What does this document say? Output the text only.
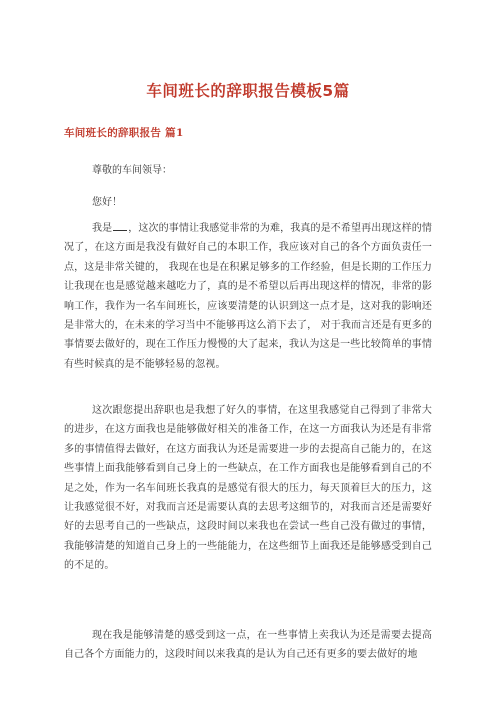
车间班长的辞职报告模板5篇
车间班长的辞职报告 篇1
尊敬的车间领导：
您好！
我是 ，这次的事情让我感觉非常的为难，我真的是不希望再出现这样的情况了，在这方面是我没有做好自己的本职工作，我应该对自己的各个方面负责任一点，这是非常关键的， 我现在也是在积累足够多的工作经验，但是长期的工作压力让我现在也是感觉越来越吃力了，真的是不希望以后再出现这样的情况，非常的影响工作，我作为一名车间班长，应该要清楚的认识到这一点才是，这对我的影响还是非常大的，在未来的学习当中不能够再这么消下去了， 对于我而言还是有更多的事情要去做好的，现在工作压力慢慢的大了起来，我认为这是一些比较简单的事情有些时候真的是不能够轻易的忽视。
这次跟您提出辞职也是我想了好久的事情，在这里我感觉自己得到了非常大的进步，在这方面我也是能够做好相关的准备工作，在这一方面我认为还是有非常多的事情值得去做好，在这方面我认为还是需要进一步的去提高自己能力的，在这些事情上面我能够看到自己身上的一些缺点，在工作方面我也是能够看到自己的不足之处，作为一名车间班长我真的是感觉有很大的压力，每天顶着巨大的压力，这让我感觉很不好，对我而言还是需要认真的去思考这细节的，对我而言还是需要好好的去思考自己的一些缺点，这段时间以来我也在尝试一些自己没有做过的事情，我能够清楚的知道自己身上的一些能能力，在这些细节上面我还是能够感受到自己的不足的。
现在我是能够清楚的感受到这一点，在一些事情上卖我认为还是需要去提高自己各个方面能力的，这段时间以来我真的是认为自己还有更多的要去做好的地
